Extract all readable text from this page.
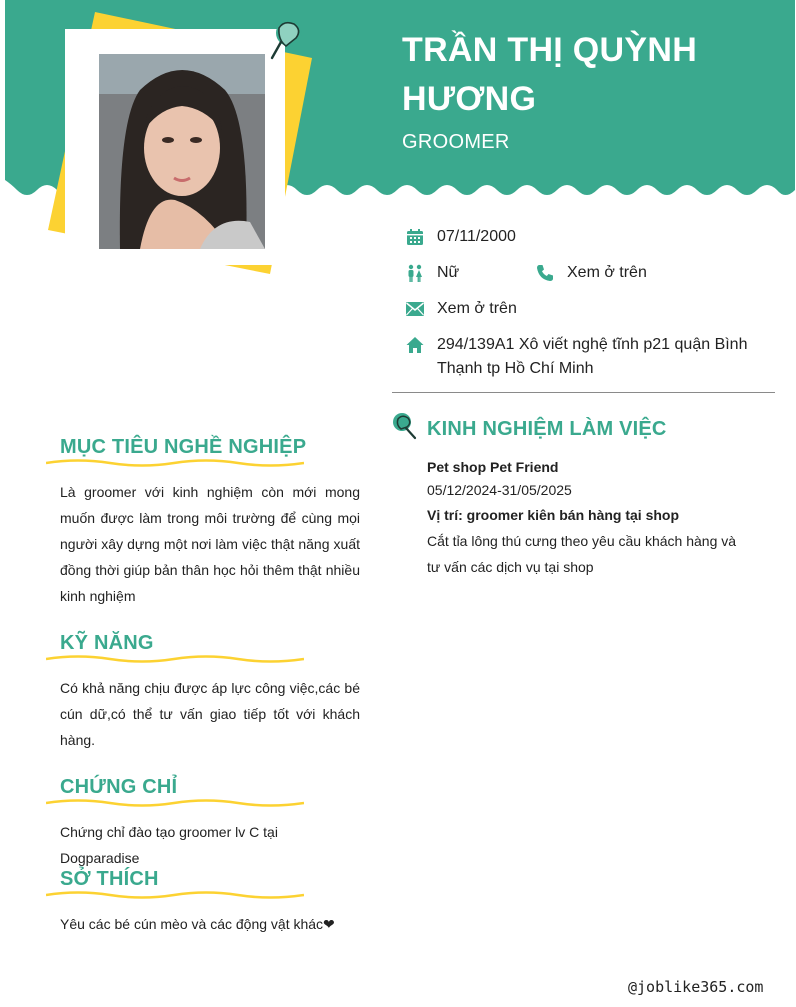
TRẦN THỊ QUỲNH HƯƠNG
GROOMER
07/11/2000
Nữ	Xem ở trên
Xem ở trên
294/139A1 Xô viết nghệ tĩnh p21 quận Bình Thạnh tp Hồ Chí Minh
MỤC TIÊU NGHỀ NGHIỆP
Là groomer với kinh nghiệm còn mới mong muốn được làm trong môi trường để cùng mọi người xây dựng một nơi làm việc thật năng xuất đồng thời giúp bản thân học hỏi thêm thật nhiều kinh nghiệm
KỸ NĂNG
Có khả năng chịu được áp lực công việc,các bé cún dữ,có thể tư vấn giao tiếp tốt với khách hàng.
CHỨNG CHỈ
Chứng chỉ đào tạo groomer lv C tại Dogparadise
SỞ THÍCH
Yêu các bé cún mèo và các động vật khác❤
KINH NGHIỆM LÀM VIỆC
Pet shop Pet Friend
05/12/2024-31/05/2025
Vị trí: groomer kiên bán hàng tại shop
Cắt tỉa lông thú cưng theo yêu cầu khách hàng và tư vấn các dịch vụ tại shop
@joblike365.com
